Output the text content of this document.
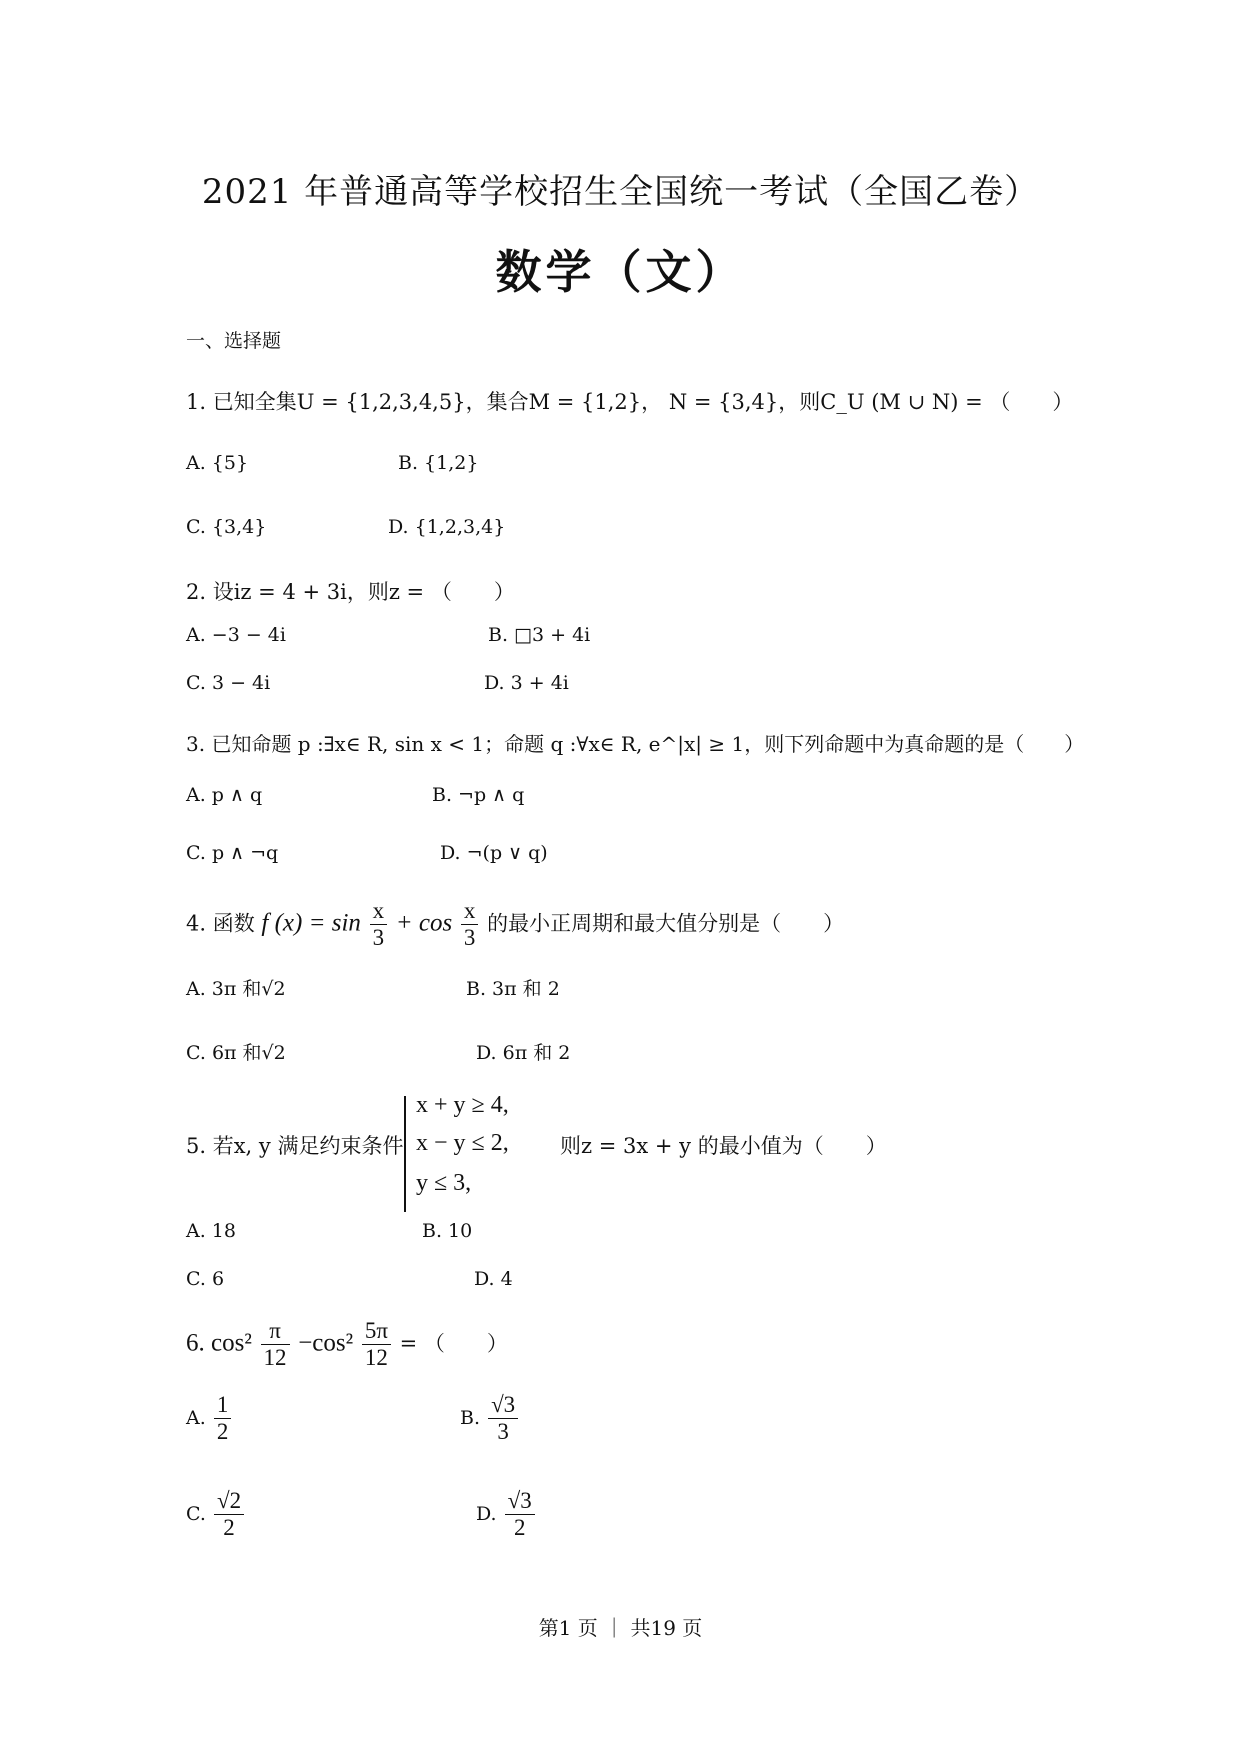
2021 年普通高等学校招生全国统一考试（全国乙卷）
数学（文）
一、选择题
1. 已知全集U = {1,2,3,4,5}，集合M = {1,2}， N = {3,4}，则C_U (M ∪ N) = （　　）
A. {5}	B. {1,2}
C. {3,4}	D. {1,2,3,4}
2. 设iz = 4 + 3i，则z = （　　）
A. −3 − 4i	B. □3 + 4i
C. 3 − 4i	D. 3 + 4i
3. 已知命题 p :∃x∈ R, sin x < 1；命题 q :∀x∈ R, e^|x| ≥ 1，则下列命题中为真命题的是（　　）
A. p ∧ q	B. ¬p ∧ q
C. p ∧ ¬q	D. ¬(p ∨ q)
4. 函数 f $(x) = \sin \frac{x}{3} + \cos \frac{x}{3}$ 的最小正周期和最大值分别是（　　）
A. 3π 和√2	B. 3π 和 2
C. 6π 和√2	D. 6π 和 2
5. 若x, y 满足约束条件
x + y ≥ 4,
x − y ≤ 2,
y ≤ 3,
则z = 3x + y 的最小值为（　　）
A. 18	B. 10
C. 6	D. 4
6. $\cos^2 \frac{\pi}{12} -\cos^2 \frac{5\pi}{12}$ = （　　）
A. $\frac{1}{2}$	B. $\frac{√3}{3}$
C. $\frac{√2}{2}$	D. $\frac{√3}{2}$
第1 页 ｜ 共19 页
